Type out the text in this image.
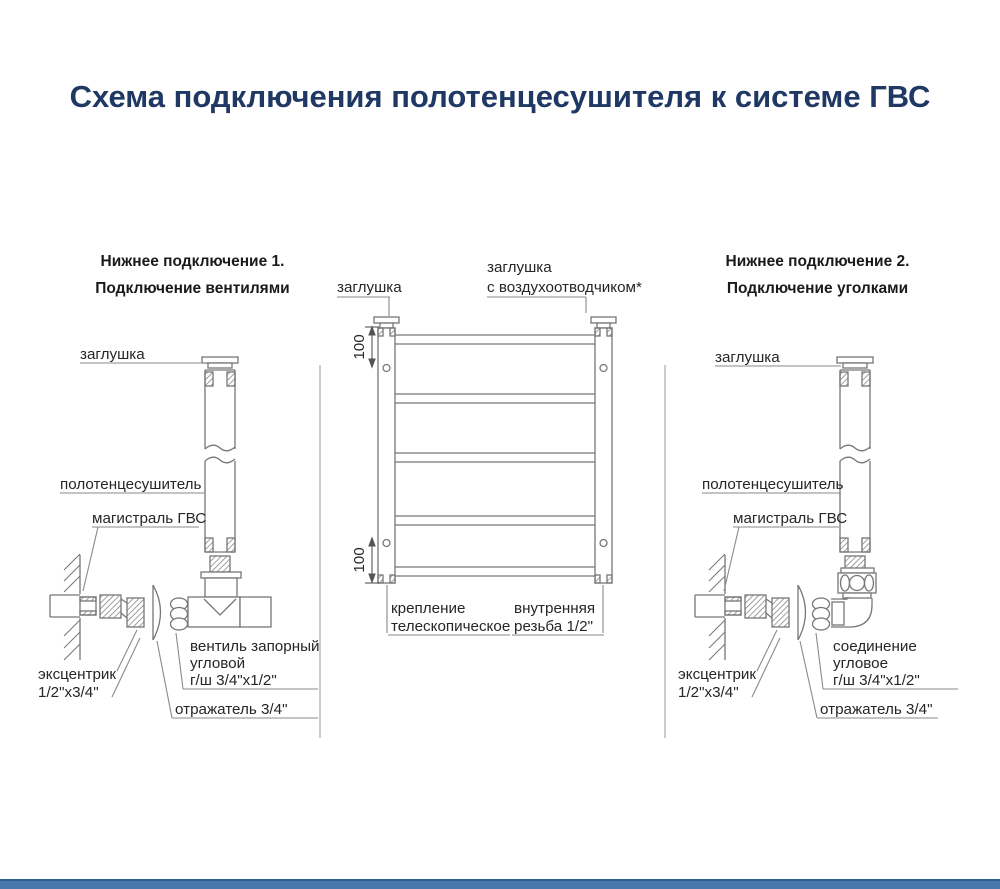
Схема подключения полотенцесушителя к системе ГВС
Нижнее подключение 1.
Подключение вентилями
Нижнее подключение 2.
Подключение уголками
заглушка
полотенцесушитель
магистраль ГВС
эксцентрик
1/2"x3/4"
вентиль запорный
угловой
г/ш 3/4"x1/2"
отражатель 3/4"
100
100
заглушка
заглушка
с воздухоотводчиком*
крепление
телескопическое
внутренняя
резьба 1/2"
заглушка
полотенцесушитель
магистраль ГВС
эксцентрик
1/2"x3/4"
соединение
угловое
г/ш 3/4"x1/2"
отражатель 3/4"
